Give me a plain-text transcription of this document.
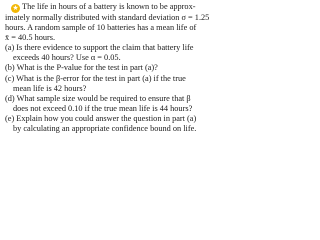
★ The life in hours of a battery is known to be approx-
imately normally distributed with standard deviation σ = 1.25
hours. A random sample of 10 batteries has a mean life of
x̄ = 40.5 hours.
(a) Is there evidence to support the claim that battery life exceeds 40 hours? Use α = 0.05.
(b) What is the P-value for the test in part (a)?
(c) What is the β-error for the test in part (a) if the true mean life is 42 hours?
(d) What sample size would be required to ensure that β does not exceed 0.10 if the true mean life is 44 hours?
(e) Explain how you could answer the question in part (a) by calculating an appropriate confidence bound on life.
